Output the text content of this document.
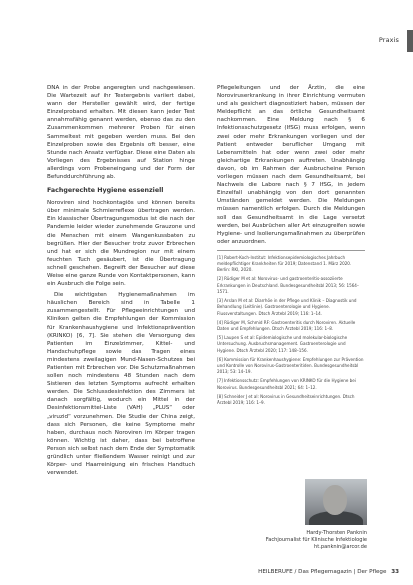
Praxis

DNA in der Probe angeregten und nachgewiesen. Die Wartezeit auf ihr Testergebnis variiert dabei, wann der Hersteller gewählt wird, der fertige Einzelproband erhalten. Mit diesen kann jeder Test annahmsfähig genannt werden, ebenso das zu den Zusammenkommen mehrerer Proben für einen Sammeltest mit gegeben werden muss. Bei den Einzelproben sowie des Ergebnis oft besser, eine Stunde nach Ansatz verfügbar. Diese eine Daten als Vorliegen des Ergebnisses auf Station hinge allerdings vom Probeneingang und der Form der Befunddurchführung ab.

Fachgerechte Hygiene essenziell

Noroviren sind hochkontagiös und können bereits über minimale Schmierreflexe übertragen werden. Ein klassischer Übertragungsmodus ist die nach der Pandemie leider wieder zunehmende Grauzone und die Menschen mit einem Wangenkussbaten zu begrüßen. Hier der Besucher trotz zuvor Erbrechen und hat er sich die Mundregion nur mit einem feuchten Tuch gesäubert, ist die Übertragung schnell geschehen. Begreift der Besucher auf diese Weise eine ganze Runde von Kontaktpersonen, kann ein Ausbruch die Folge sein.

Die wichtigsten Hygienemaßnahmen im häuslichen Bereich sind in Tabelle 1 zusammengestellt. Für Pflegeeinrichtungen und Kliniken gelten die Empfehlungen der Kommission für Krankenhaushygiene und Infektionsprävention (KRINKO) [6, 7]. Sie stehen die Versorgung des Patienten im Einzelzimmer, Kittel- und Handschuhpflege sowie das Tragen eines mindestens zweilagigen Mund-Nasen-Schutzes bei Patienten mit Erbrechen vor. Die Schutzmaßnahmen sollen noch mindestens 48 Stunden nach dem Sistieren des letzten Symptoms aufrecht erhalten werden. Die Schlussdesinfektion des Zimmers ist danach sorgfältig, wodurch ein Mittel in der Desinfektionsmittel-Liste (VAH) „PLUS“ oder „viruzid“ vorzunehmen. Die Studie der China zeigt, dass sich Personen, die keine Symptome mehr haben, durchaus noch Noroviren im Körper tragen können. Wichtig ist daher, dass bei betroffene Person sich selbst nach dem Ende der Symptomatik gründlich unter fließendem Wasser reinigt und zur Körper- und Haarreinigung ein frisches Handtuch verwendet.

Pflegeleitungen und der Ärztin, die eine Noroviruserkrankung in ihrer Einrichtung vermuten und als gesichert diagnostiziert haben, müssen der Meldepflicht an das örtliche Gesundheitsamt nachkommen. Eine Meldung nach § 6 Infektionsschutzgesetz (IfSG) muss erfolgen, wenn zwei oder mehr Erkrankungen vorliegen und der Patient entweder beruflicher Umgang mit Lebensmitteln hat oder wenn zwei oder mehr gleichartige Erkrankungen auftreten. Unabhängig davon, ob im Rahmen der Ausbrucheine Person vorliegen müssen nach dem Gesundheitsamt, bei Nachweis die Labore nach § 7 IfSG, in jedem Einzelfall unabhängig von den dort genannten Umständen gemeldet werden. Die Meldungen müssen namentlich erfolgen. Durch die Meldungen soll das Gesundheitsamt in die Lage versetzt werden, bei Ausbrüchen aller Art einzugreifen sowie Hygiene- und Isolierungsmaßnahmen zu überprüfen oder anzuordnen.

[1] Robert-Koch-Institut: Infektionsepidemiologisches Jahrbuch meldepflichtiger Krankheiten für 2019; Datenstand 1. März 2020. Berlin: RKI, 2020.
[2] Rüdiger M et al: Norovirus- und gastroenteritis-assoziierte Erkrankungen in Deutschland. Bundesgesundheitsbl 2013; 56: 1564–1571.
[3] Arslan M et al: Diarrhöe in der Pflege und Klinik – Diagnostik und Behandlung (Leitlinie). Gastroenterologie und Hygiene. Flussverstaltungen. Dtsch Ärztebl 2019; 116: 1–14.
[4] Rüdiger M, Schmid RF: Gastroenteritis durch Noroviren. Aktuelle Daten und Empfehlungen. Dtsch Ärztebl 2019; 116: 1–8.
[5] Laupen S et al: Epidemiologische und molekular-biologische Untersuchung. Ausbruchsmanagement. Gastroenterologie und Hygiene. Dtsch Ärztebl 2020; 117: 148–156.
[6] Kommission für Krankenhaushygiene: Empfehlungen zur Prävention und Kontrolle von Norovirus-Gastroenteritiden. Bundesgesundheitsbl 2013; 53: 14–19.
[7] Infektionsschutz: Empfehlungen von KRINKO für die Hygiene bei Norovirus. Bundesgesundheitsbl 2021; 64: 1–12.
[8] Schneider J et al: Norovirus in Gesundheitseinrichtungen. Dtsch Ärztebl 2019; 116: 1–9.
Hardy-Thorsten Panknin
Fachjournalist für Klinische Infektiologie
ht.panknin@arcor.de
HEILBERUFE / Das Pflegemagazin | Der Pflege 33
